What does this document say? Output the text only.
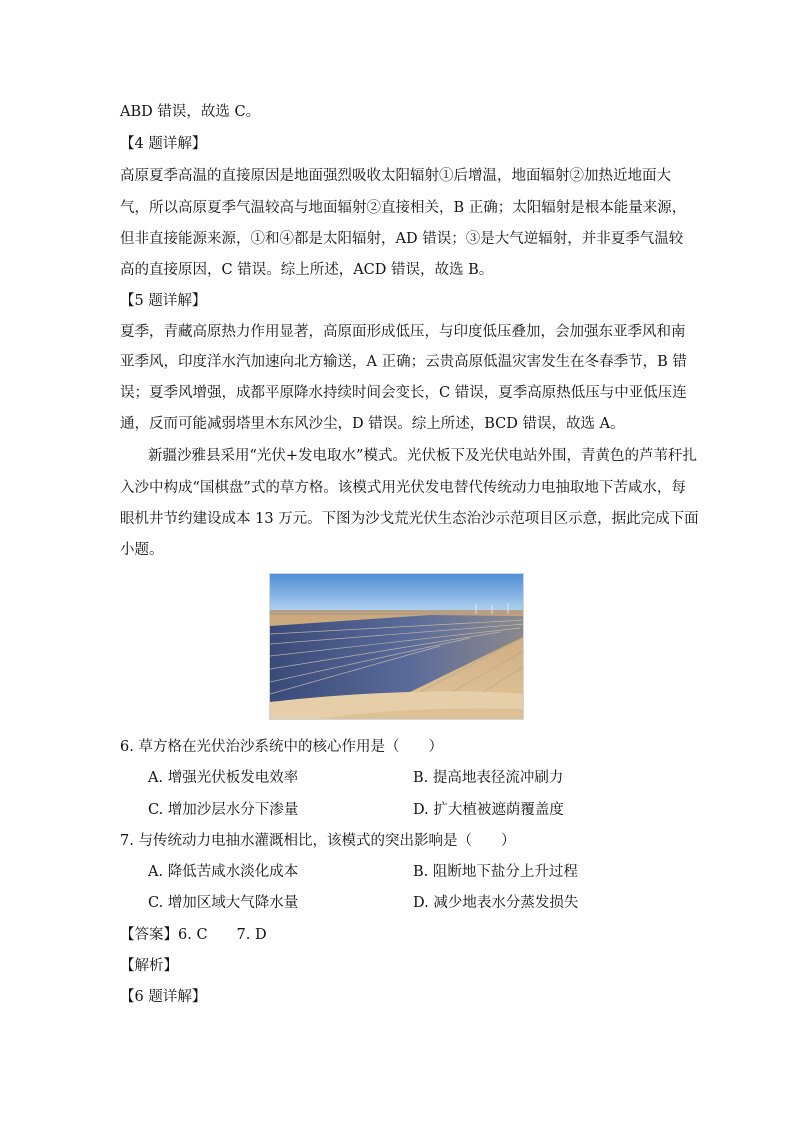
ABD 错误，故选 C。
【4 题详解】
高原夏季高温的直接原因是地面强烈吸收太阳辐射①后增温，地面辐射②加热近地面大
气，所以高原夏季气温较高与地面辐射②直接相关，B 正确；太阳辐射是根本能量来源，
但非直接能源来源，①和④都是太阳辐射，AD 错误；③是大气逆辐射，并非夏季气温较
高的直接原因，C 错误。综上所述，ACD 错误，故选 B。
【5 题详解】
夏季，青藏高原热力作用显著，高原面形成低压，与印度低压叠加，会加强东亚季风和南
亚季风，印度洋水汽加速向北方输送，A 正确；云贵高原低温灾害发生在冬春季节，B 错
误；夏季风增强，成都平原降水持续时间会变长，C 错误，夏季高原热低压与中亚低压连
通，反而可能减弱塔里木东风沙尘，D 错误。综上所述，BCD 错误，故选 A。
新疆沙雅县采用“光伏+发电取水”模式。光伏板下及光伏电站外围，青黄色的芦苇秆扎
入沙中构成“国棋盘”式的草方格。该模式用光伏发电替代传统动力电抽取地下苦咸水，每
眼机井节约建设成本 13 万元。下图为沙戈荒光伏生态治沙示范项目区示意，据此完成下面
小题。
6. 草方格在光伏治沙系统中的核心作用是（　　）
A. 增强光伏板发电效率	B. 提高地表径流冲刷力
C. 增加沙层水分下渗量	D. 扩大植被遮荫覆盖度
7. 与传统动力电抽水灌溉相比，该模式的突出影响是（　　）
A. 降低苦咸水淡化成本	B. 阻断地下盐分上升过程
C. 增加区域大气降水量	D. 减少地表水分蒸发损失
【答案】6. C　　7. D
【解析】
【6 题详解】
